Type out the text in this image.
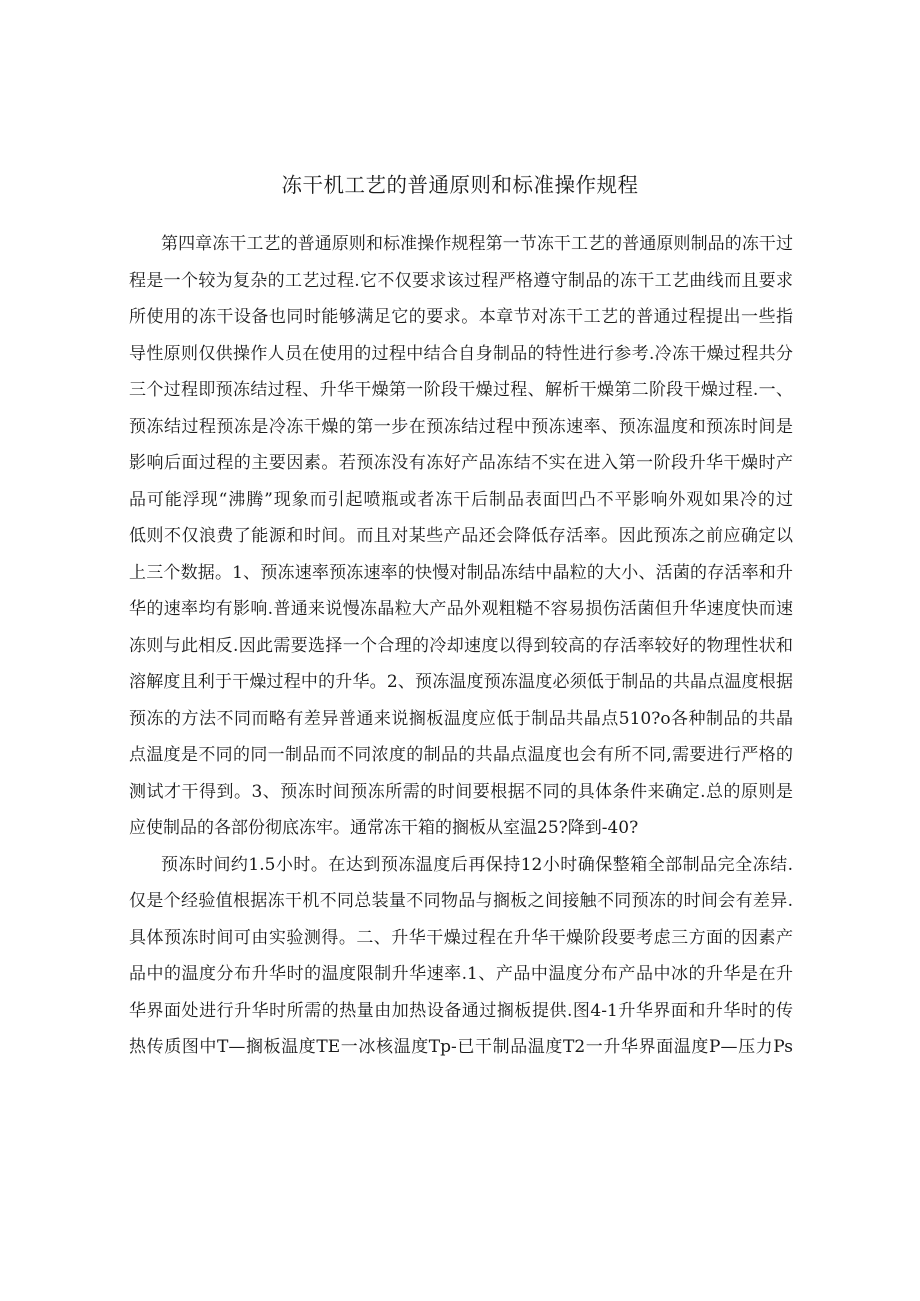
冻干机工艺的普通原则和标准操作规程

第四章冻干工艺的普通原则和标准操作规程第一节冻干工艺的普通原则制品的冻干过

程是一个较为复杂的工艺过程.它不仅要求该过程严格遵守制品的冻干工艺曲线而且要求

所使用的冻干设备也同时能够满足它的要求。本章节对冻干工艺的普通过程提出一些指

导性原则仅供操作人员在使用的过程中结合自身制品的特性进行参考.冷冻干燥过程共分

三个过程即预冻结过程、升华干燥第一阶段干燥过程、解析干燥第二阶段干燥过程.一、

预冻结过程预冻是冷冻干燥的第一步在预冻结过程中预冻速率、预冻温度和预冻时间是

影响后面过程的主要因素。若预冻没有冻好产品冻结不实在进入第一阶段升华干燥时产

品可能浮现“沸腾”现象而引起喷瓶或者冻干后制品表面凹凸不平影响外观如果冷的过

低则不仅浪费了能源和时间。而且对某些产品还会降低存活率。因此预冻之前应确定以

上三个数据。1、预冻速率预冻速率的快慢对制品冻结中晶粒的大小、活菌的存活率和升

华的速率均有影响.普通来说慢冻晶粒大产品外观粗糙不容易损伤活菌但升华速度快而速

冻则与此相反.因此需要选择一个合理的冷却速度以得到较高的存活率较好的物理性状和

溶解度且利于干燥过程中的升华。2、预冻温度预冻温度必须低于制品的共晶点温度根据

预冻的方法不同而略有差异普通来说搁板温度应低于制品共晶点510?o各种制品的共晶

点温度是不同的同一制品而不同浓度的制品的共晶点温度也会有所不同,需要进行严格的

测试才干得到。3、预冻时间预冻所需的时间要根据不同的具体条件来确定.总的原则是

应使制品的各部份彻底冻牢。通常冻干箱的搁板从室温25?降到-40?

预冻时间约1.5小时。在达到预冻温度后再保持12小时确保整箱全部制品完全冻结.

仅是个经验值根据冻干机不同总装量不同物品与搁板之间接触不同预冻的时间会有差异.

具体预冻时间可由实验测得。二、升华干燥过程在升华干燥阶段要考虑三方面的因素产

品中的温度分布升华时的温度限制升华速率.1、产品中温度分布产品中冰的升华是在升

华界面处进行升华时所需的热量由加热设备通过搁板提供.图4-1升华界面和升华时的传

热传质图中T—搁板温度TE一冰核温度Tp-已干制品温度T2一升华界面温度P—压力Ps
